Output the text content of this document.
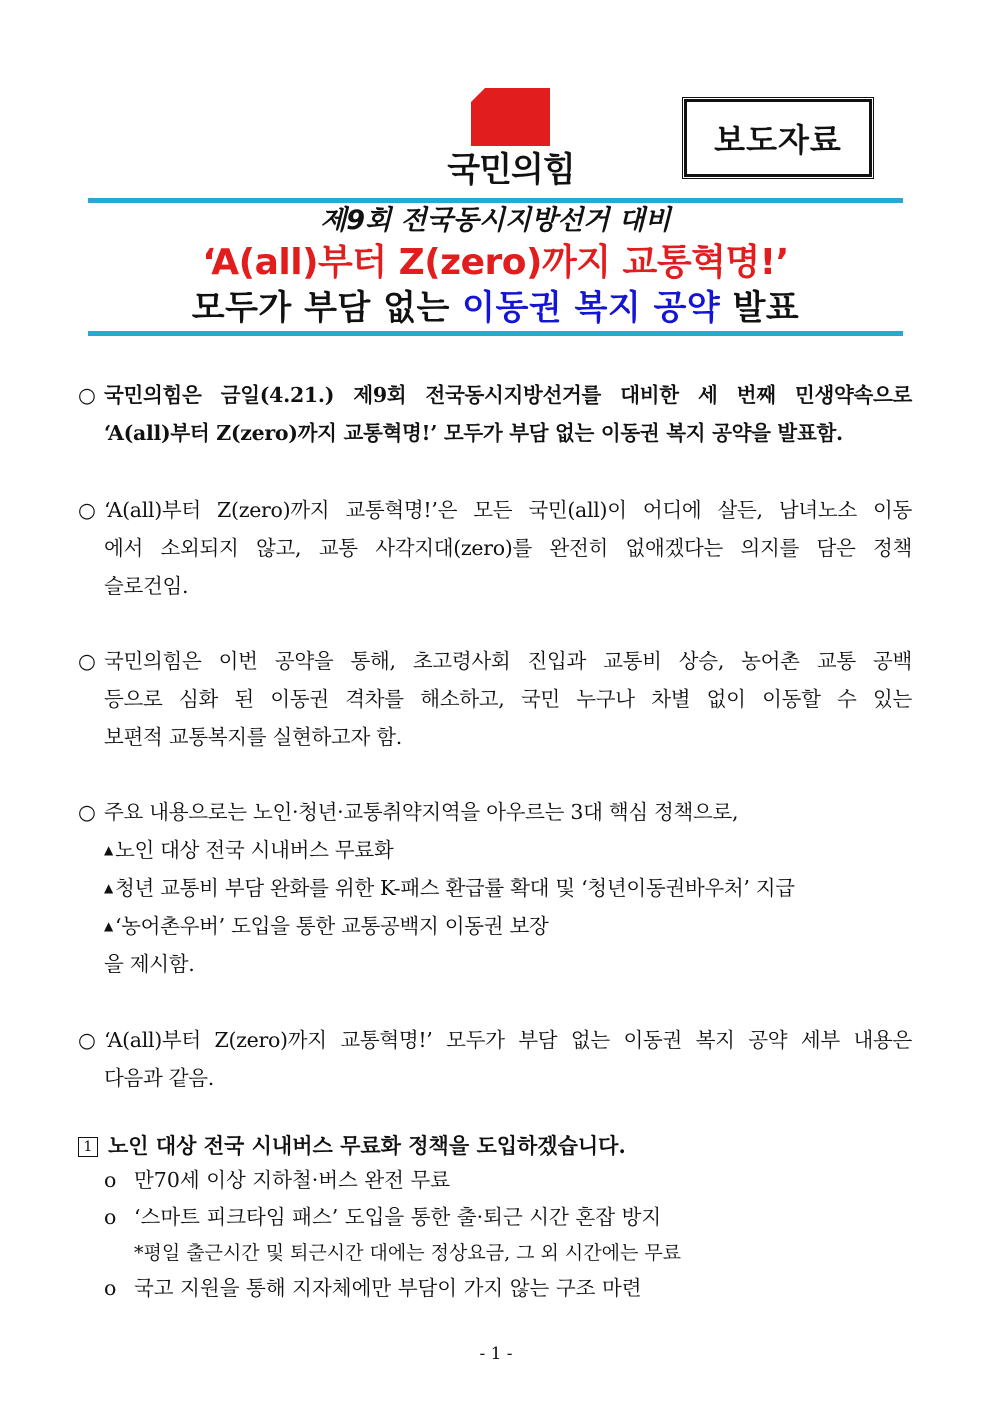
국민의힘
보도자료
제9회 전국동시지방선거 대비
‘A(all)부터 Z(zero)까지 교통혁명!’
모두가 부담 없는 이동권 복지 공약 발표
○ 국민의힘은 금일(4.21.) 제9회 전국동시지방선거를 대비한 세 번째 민생약속으로
‘A(all)부터 Z(zero)까지 교통혁명!’ 모두가 부담 없는 이동권 복지 공약을 발표함.
○ ‘A(all)부터 Z(zero)까지 교통혁명!’은 모든 국민(all)이 어디에 살든, 남녀노소 이동
에서 소외되지 않고, 교통 사각지대(zero)를 완전히 없애겠다는 의지를 담은 정책
슬로건임.
○ 국민의힘은 이번 공약을 통해, 초고령사회 진입과 교통비 상승, 농어촌 교통 공백
등으로 심화 된 이동권 격차를 해소하고, 국민 누구나 차별 없이 이동할 수 있는
보편적 교통복지를 실현하고자 함.
○ 주요 내용으로는 노인·청년·교통취약지역을 아우르는 3대 핵심 정책으로,
▲노인 대상 전국 시내버스 무료화
▲청년 교통비 부담 완화를 위한 K-패스 환급률 확대 및 ‘청년이동권바우처’ 지급
▲‘농어촌우버’ 도입을 통한 교통공백지 이동권 보장
을 제시함.
○ ‘A(all)부터 Z(zero)까지 교통혁명!’ 모두가 부담 없는 이동권 복지 공약 세부 내용은
다음과 같음.
1 노인 대상 전국 시내버스 무료화 정책을 도입하겠습니다.
ο 만70세 이상 지하철·버스 완전 무료
ο ‘스마트 피크타임 패스’ 도입을 통한 출·퇴근 시간 혼잡 방지
*평일 출근시간 및 퇴근시간 대에는 정상요금, 그 외 시간에는 무료
ο 국고 지원을 통해 지자체에만 부담이 가지 않는 구조 마련
- 1 -
